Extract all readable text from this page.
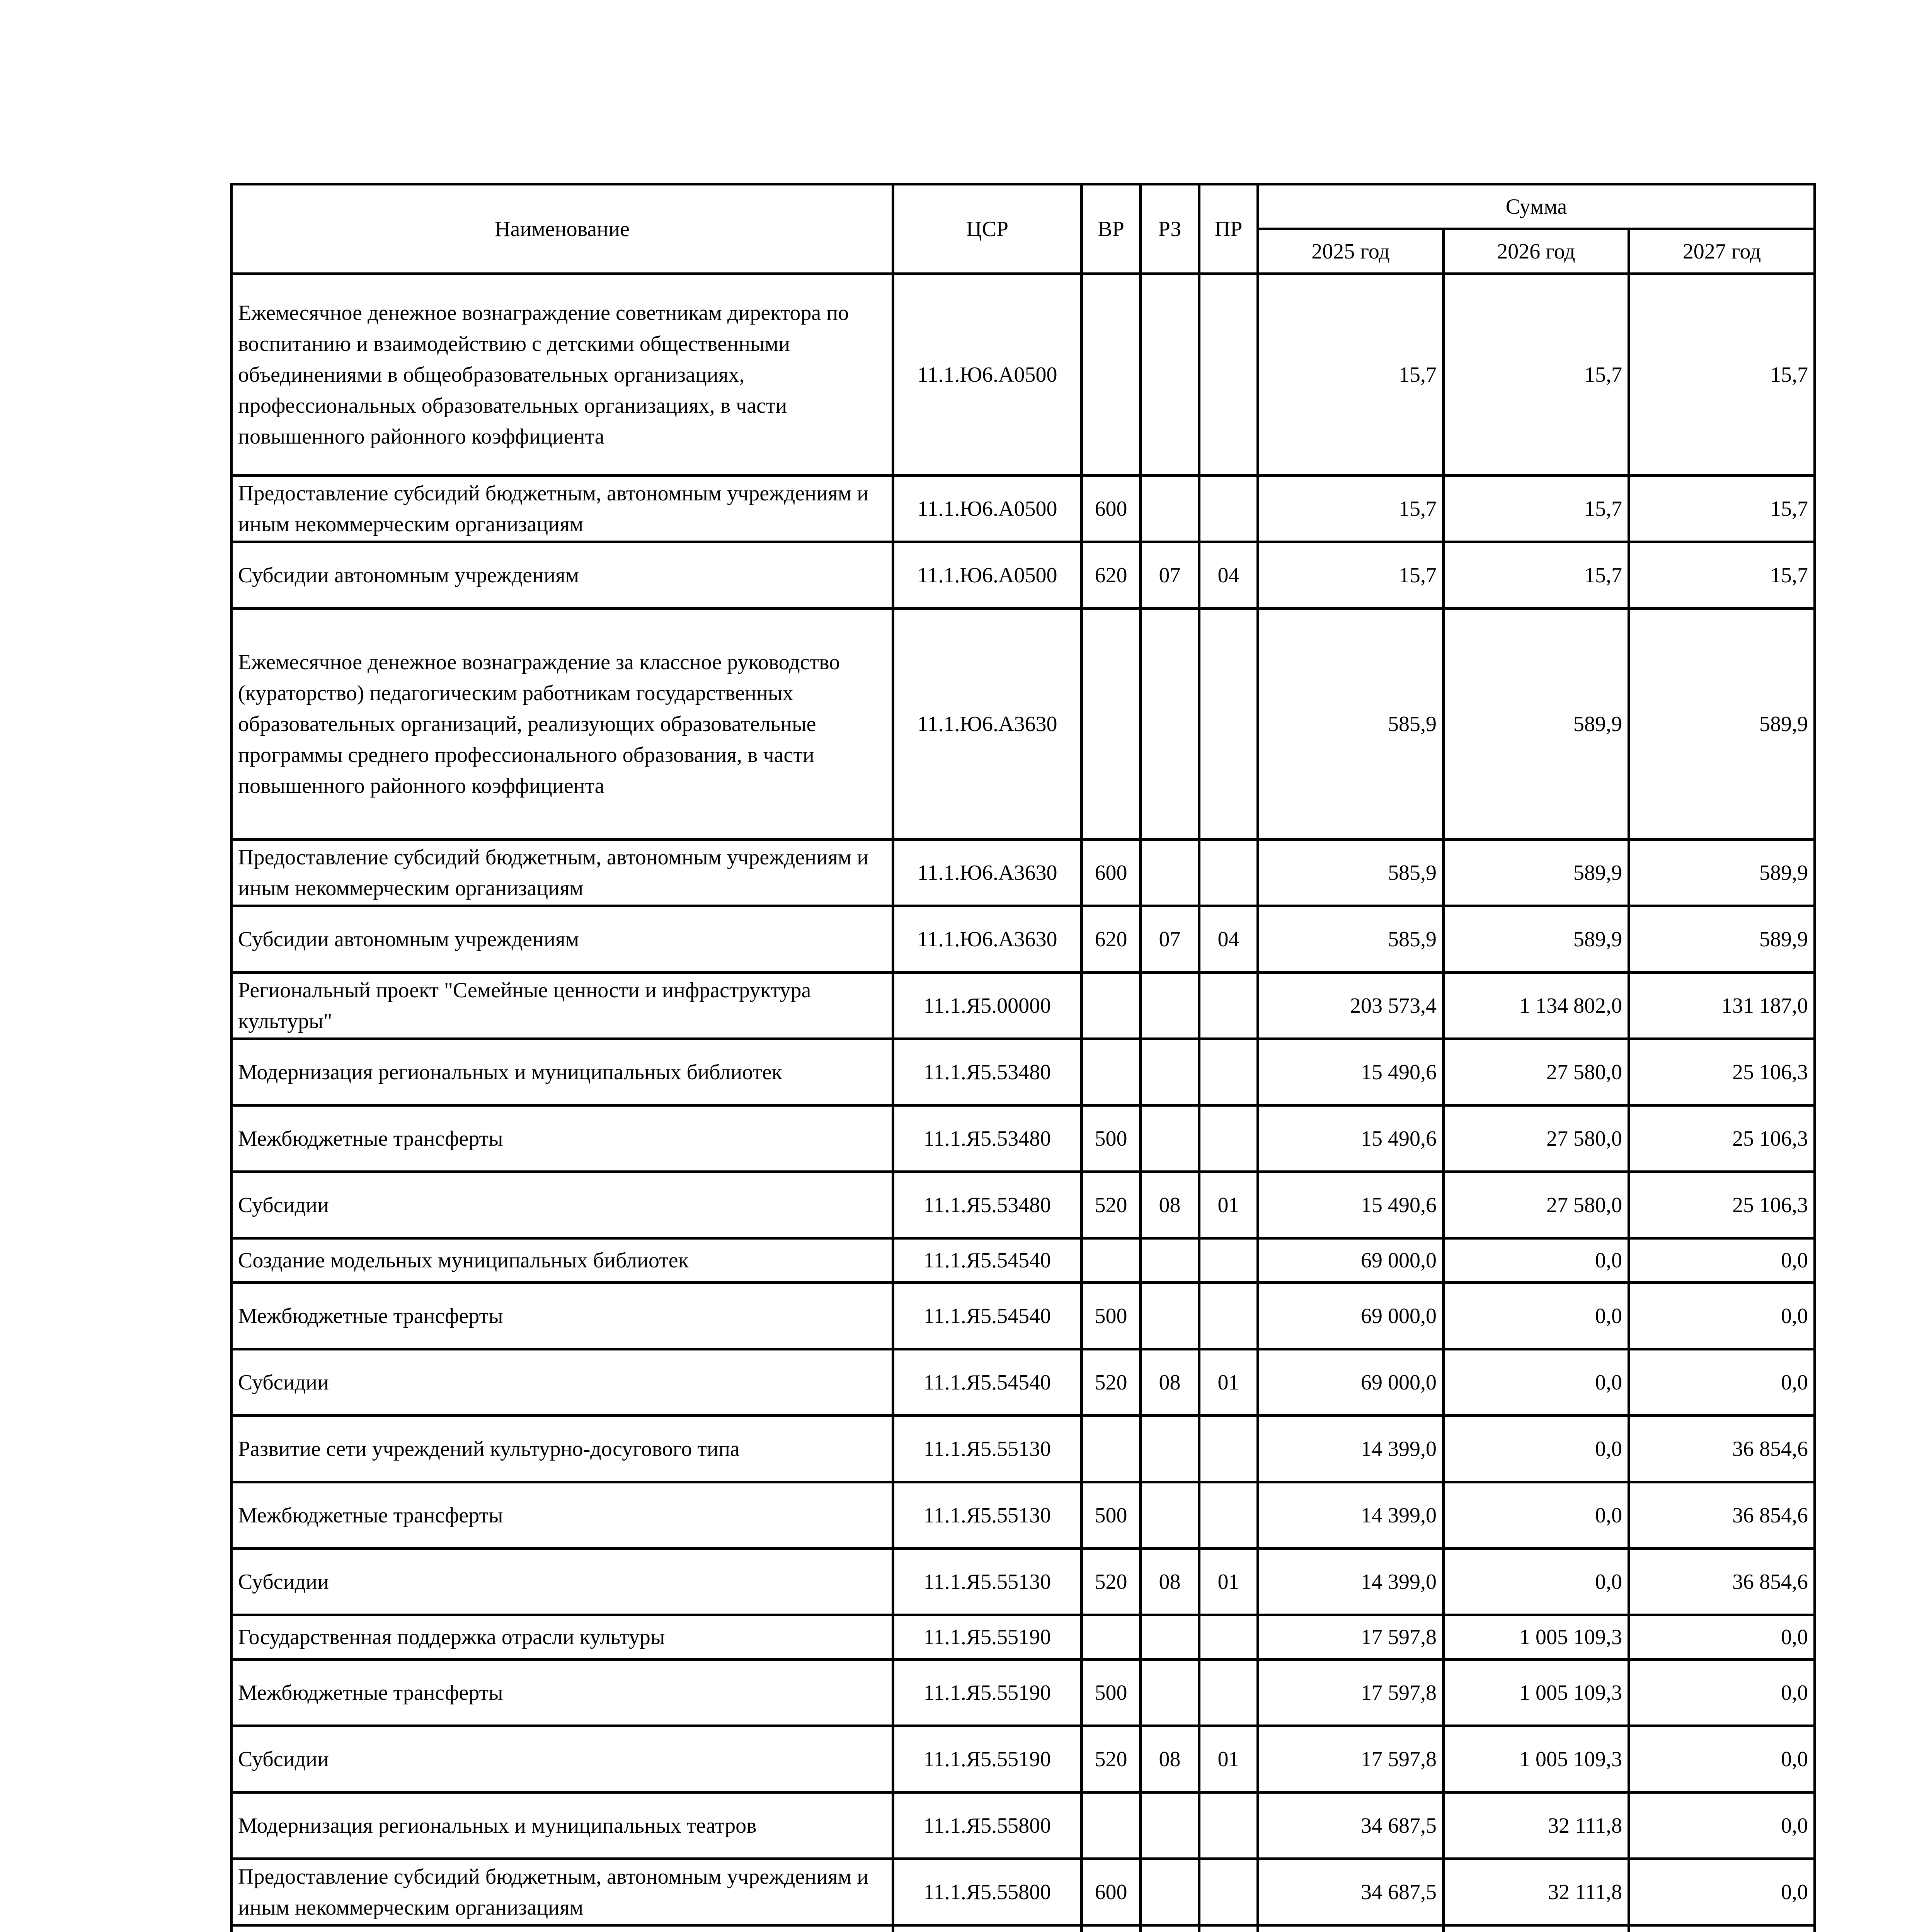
Наименование	ЦСР	ВР	РЗ	ПР	Сумма		
					2025 год	2026 год	2027 год
Ежемесячное денежное вознаграждение советникам директора по воспитанию и взаимодействию с детскими общественными объединениями в общеобразовательных организациях, профессиональных образовательных организациях, в части повышенного районного коэффициента	11.1.Ю6.А0500				15,7	15,7	15,7
Предоставление субсидий бюджетным, автономным учреждениям и иным некоммерческим организациям	11.1.Ю6.А0500	600			15,7	15,7	15,7
Субсидии автономным учреждениям	11.1.Ю6.А0500	620	07	04	15,7	15,7	15,7
Ежемесячное денежное вознаграждение за классное руководство (кураторство) педагогическим работникам государственных образовательных организаций, реализующих образовательные программы среднего профессионального образования, в части повышенного районного коэффициента	11.1.Ю6.А3630				585,9	589,9	589,9
Предоставление субсидий бюджетным, автономным учреждениям и иным некоммерческим организациям	11.1.Ю6.А3630	600			585,9	589,9	589,9
Субсидии автономным учреждениям	11.1.Ю6.А3630	620	07	04	585,9	589,9	589,9
Региональный проект "Семейные ценности и инфраструктура культуры"	11.1.Я5.00000				203 573,4	1 134 802,0	131 187,0
Модернизация региональных и муниципальных библиотек	11.1.Я5.53480				15 490,6	27 580,0	25 106,3
Межбюджетные трансферты	11.1.Я5.53480	500			15 490,6	27 580,0	25 106,3
Субсидии	11.1.Я5.53480	520	08	01	15 490,6	27 580,0	25 106,3
Создание модельных муниципальных библиотек	11.1.Я5.54540				69 000,0	0,0	0,0
Межбюджетные трансферты	11.1.Я5.54540	500			69 000,0	0,0	0,0
Субсидии	11.1.Я5.54540	520	08	01	69 000,0	0,0	0,0
Развитие сети учреждений культурно-досугового типа	11.1.Я5.55130				14 399,0	0,0	36 854,6
Межбюджетные трансферты	11.1.Я5.55130	500			14 399,0	0,0	36 854,6
Субсидии	11.1.Я5.55130	520	08	01	14 399,0	0,0	36 854,6
Государственная поддержка отрасли культуры	11.1.Я5.55190				17 597,8	1 005 109,3	0,0
Межбюджетные трансферты	11.1.Я5.55190	500			17 597,8	1 005 109,3	0,0
Субсидии	11.1.Я5.55190	520	08	01	17 597,8	1 005 109,3	0,0
Модернизация региональных и муниципальных театров	11.1.Я5.55800				34 687,5	32 111,8	0,0
Предоставление субсидий бюджетным, автономным учреждениям и иным некоммерческим организациям	11.1.Я5.55800	600			34 687,5	32 111,8	0,0
